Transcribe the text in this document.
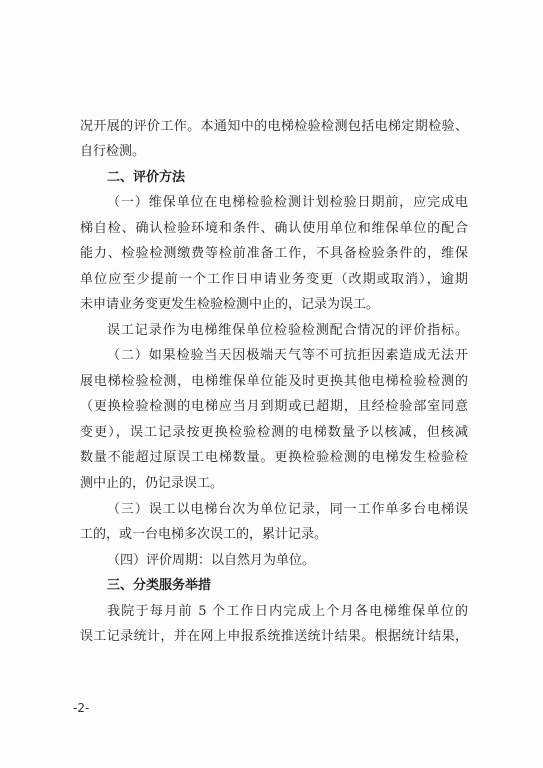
况开展的评价工作。本通知中的电梯检验检测包括电梯定期检验、
自行检测。
二、评价方法
（一）维保单位在电梯检验检测计划检验日期前，应完成电
梯自检、确认检验环境和条件、确认使用单位和维保单位的配合
能力、检验检测缴费等检前准备工作，不具备检验条件的，维保
单位应至少提前一个工作日申请业务变更（改期或取消），逾期
未申请业务变更发生检验检测中止的，记录为误工。
误工记录作为电梯维保单位检验检测配合情况的评价指标。
（二）如果检验当天因极端天气等不可抗拒因素造成无法开
展电梯检验检测，电梯维保单位能及时更换其他电梯检验检测的
（更换检验检测的电梯应当月到期或已超期，且经检验部室同意
变更），误工记录按更换检验检测的电梯数量予以核减，但核减
数量不能超过原误工电梯数量。更换检验检测的电梯发生检验检
测中止的，仍记录误工。
（三）误工以电梯台次为单位记录，同一工作单多台电梯误
工的，或一台电梯多次误工的，累计记录。
（四）评价周期：以自然月为单位。
三、分类服务举措
我院于每月前 5 个工作日内完成上个月各电梯维保单位的
误工记录统计，并在网上申报系统推送统计结果。根据统计结果，
-2-
